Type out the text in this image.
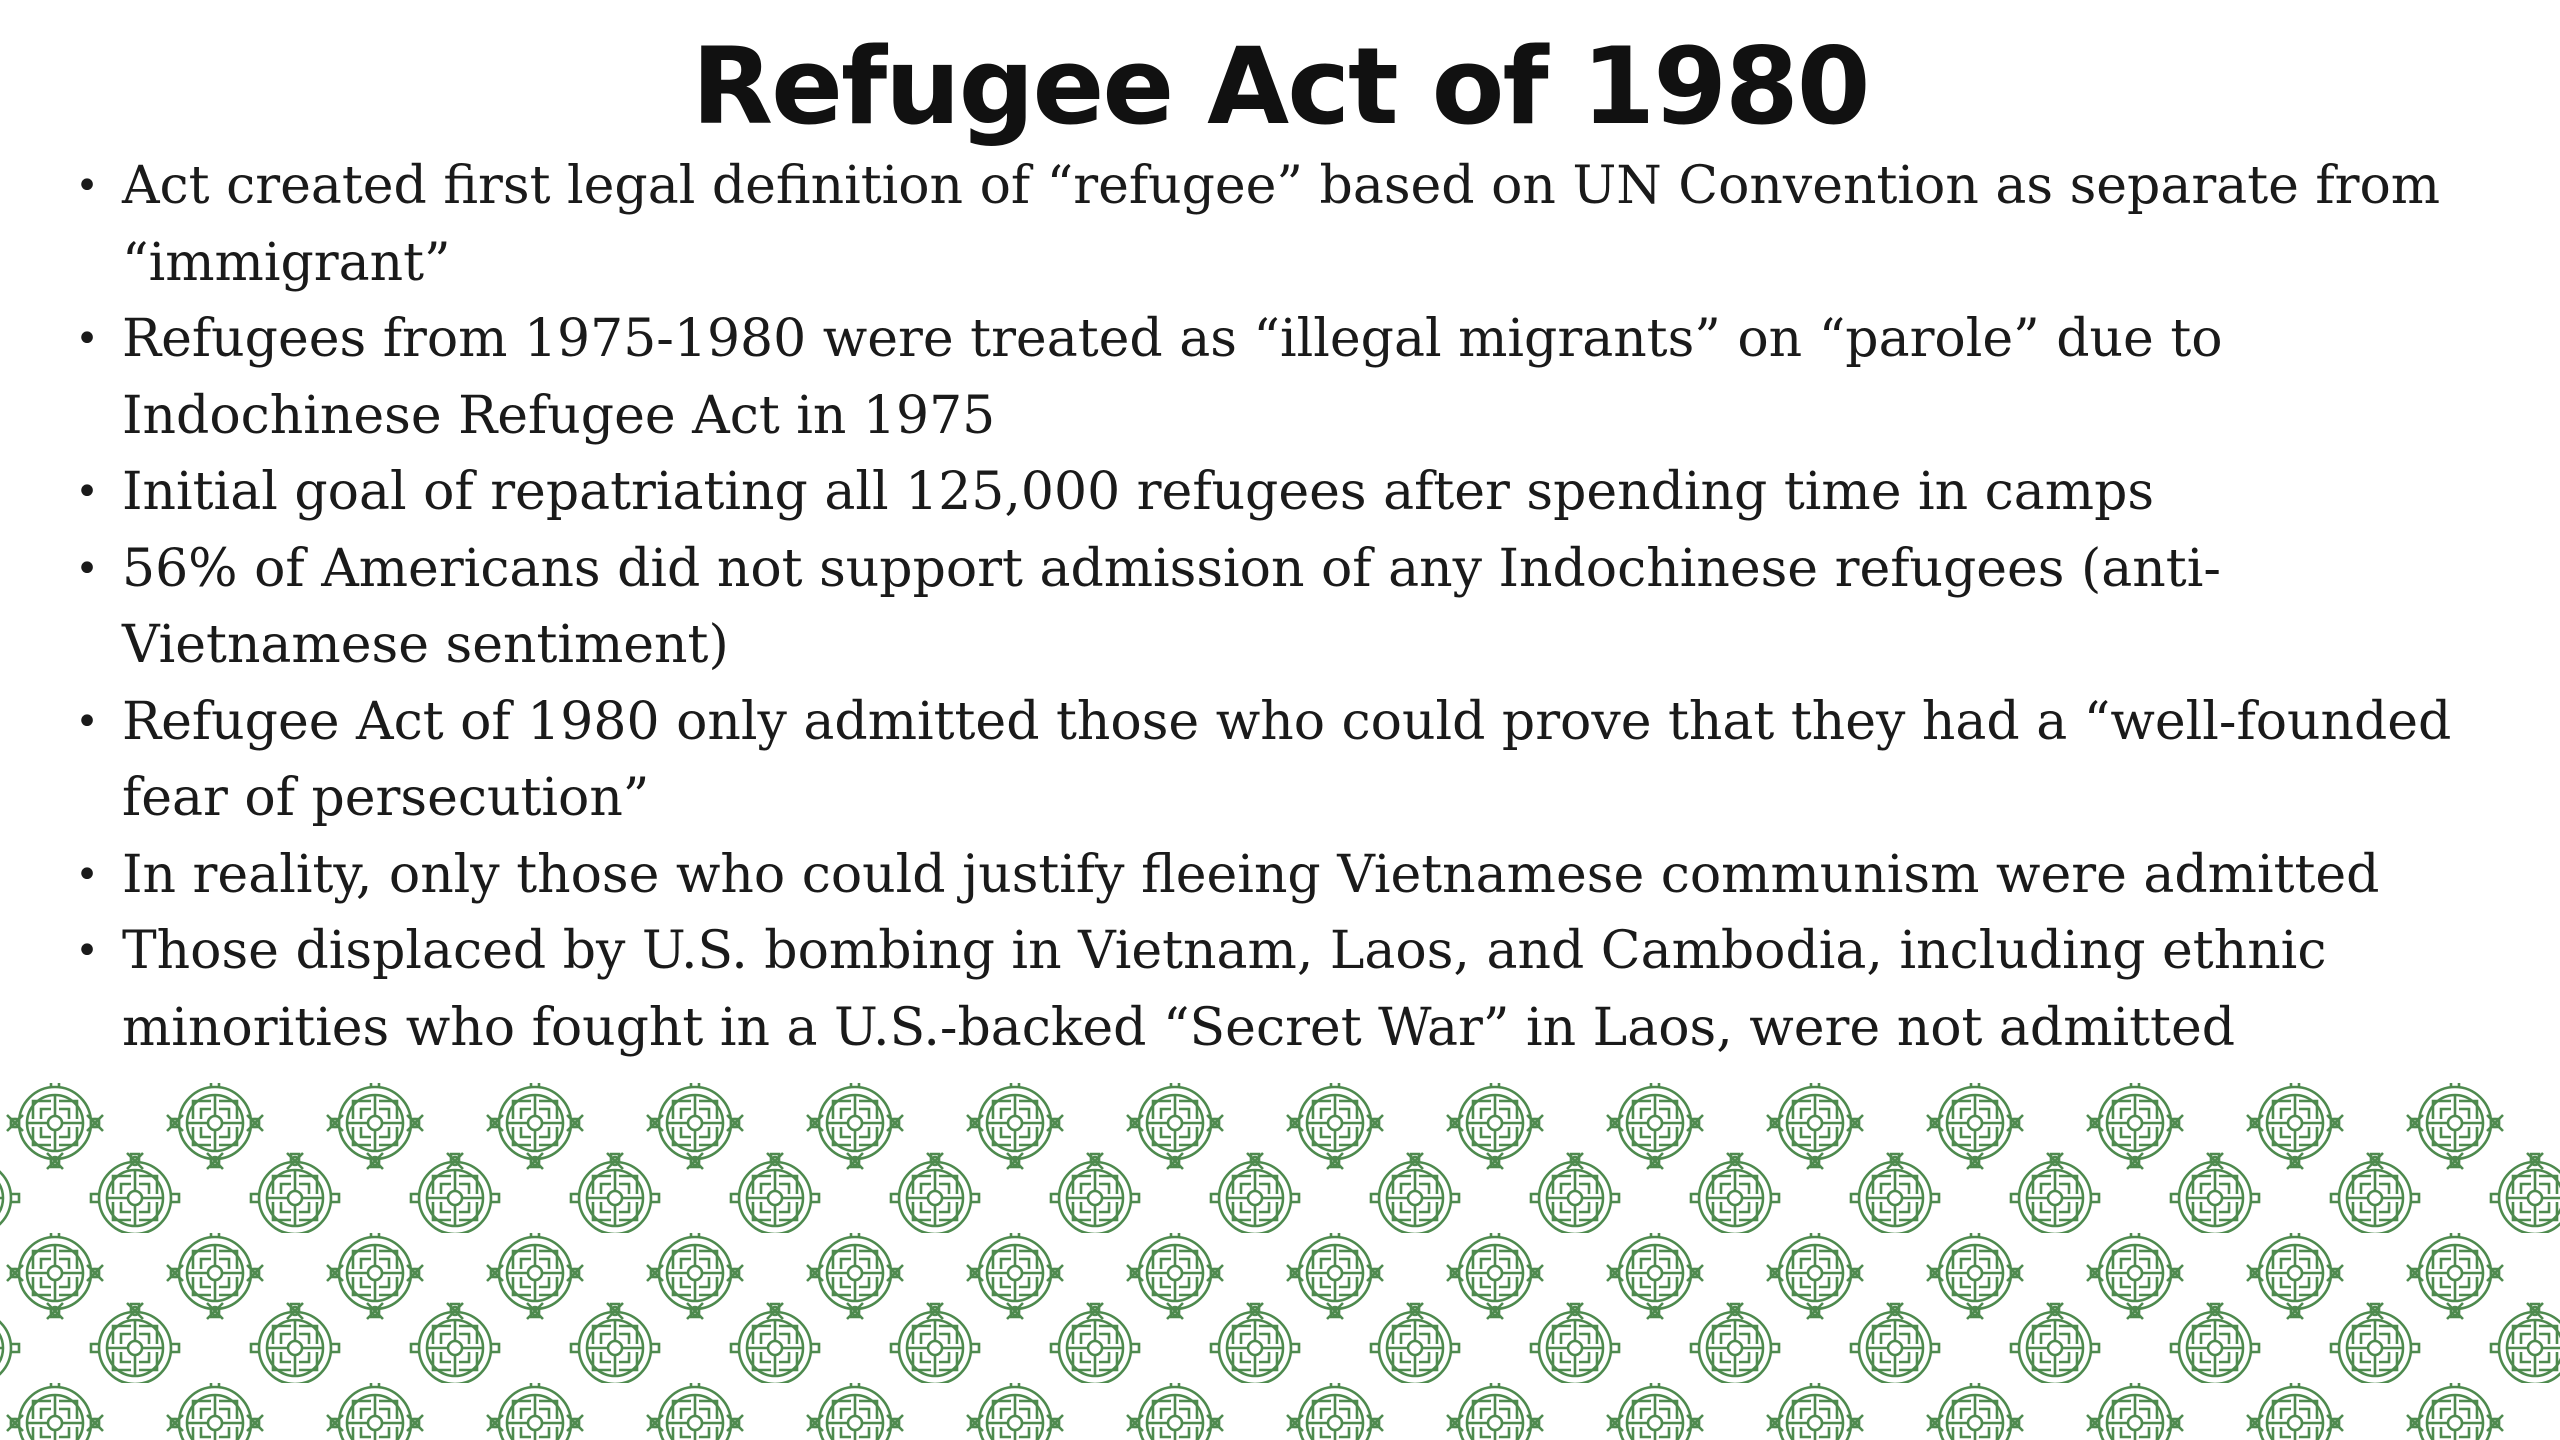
Refugee Act of 1980
• Act created first legal definition of “refugee” based on UN Convention as separate from “immigrant”
• Refugees from 1975-1980 were treated as “illegal migrants” on “parole” due to Indochinese Refugee Act in 1975
• Initial goal of repatriating all 125,000 refugees after spending time in camps
• 56% of Americans did not support admission of any Indochinese refugees (anti-Vietnamese sentiment)
• Refugee Act of 1980 only admitted those who could prove that they had a “well-founded fear of persecution”
• In reality, only those who could justify fleeing Vietnamese communism were admitted
• Those displaced by U.S. bombing in Vietnam, Laos, and Cambodia, including ethnic minorities who fought in a U.S.-backed “Secret War” in Laos, were not admitted
